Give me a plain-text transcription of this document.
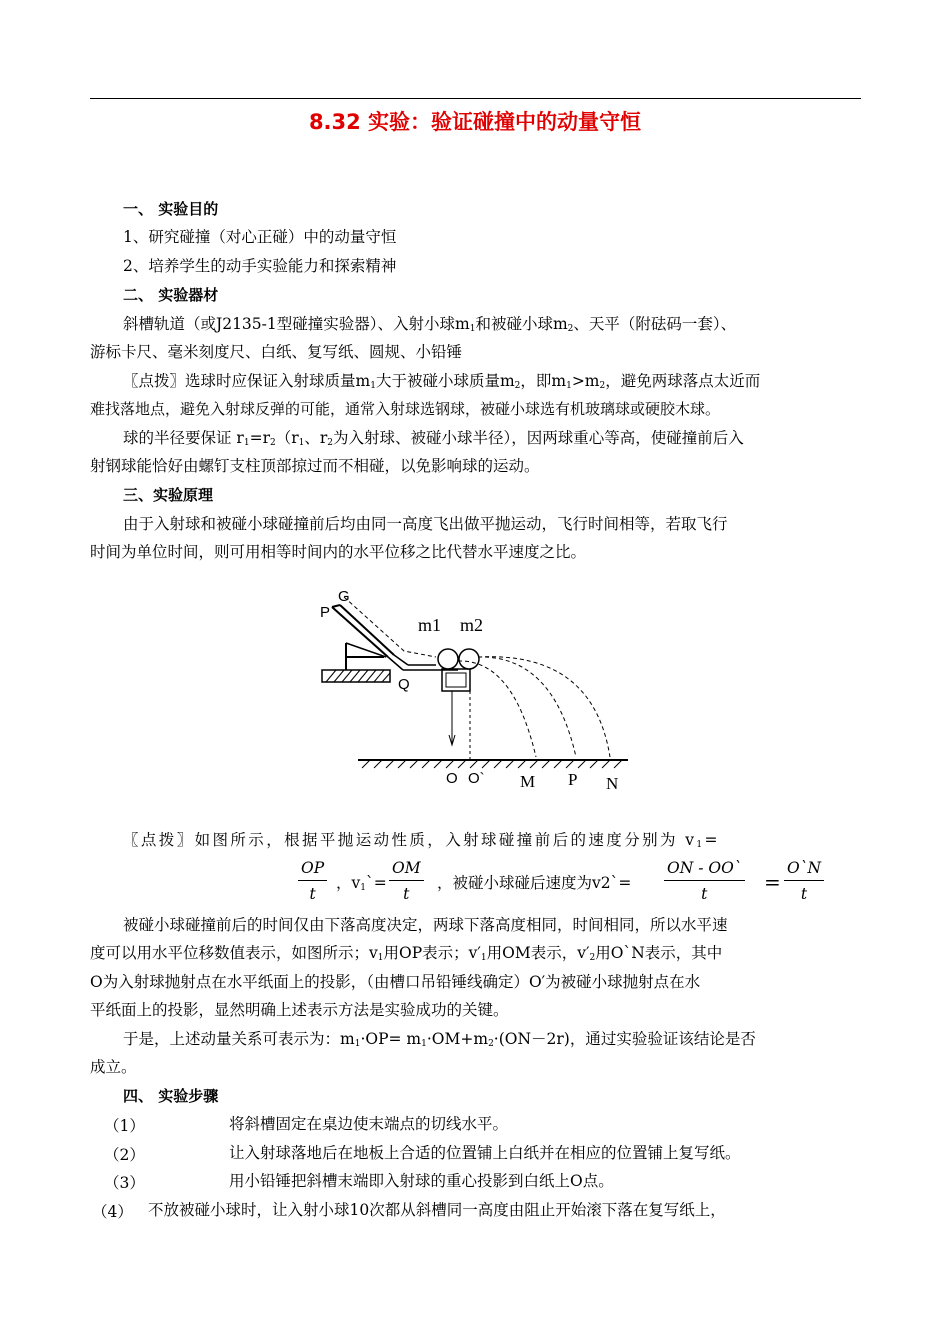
8.32 实验：验证碰撞中的动量守恒
一、 实验目的
1、研究碰撞（对心正碰）中的动量守恒
2、培养学生的动手实验能力和探索精神
二、 实验器材
斜槽轨道（或J2135-1型碰撞实验器）、入射小球$m_1$和被碰小球$m_2$、天平（附砝码一套）、
游标卡尺、毫米刻度尺、白纸、复写纸、圆规、小铅锤
〖点拨〗选球时应保证入射球质量$m_1$大于被碰小球质量$m_2$，即$m_1>m_2$，避免两球落点太近而
难找落地点，避免入射球反弹的可能，通常入射球选钢球，被碰小球选有机玻璃球或硬胶木球。
球的半径要保证 $r_1=r_2(r_1$、$r_2$为入射球、被碰小球半径），因两球重心等高，使碰撞前后入
射钢球能恰好由螺钉支柱顶部掠过而不相碰，以免影响球的运动。
三、实验原理
由于入射球和被碰小球碰撞前后均由同一高度飞出做平抛运动，飞行时间相等，若取飞行
时间为单位时间，则可用相等时间内的水平位移之比代替水平速度之比。
G
P
Q
m1 m2
O O` M P N
〖点拨〗如图所示，根据平抛运动性质，入射球碰撞前后的速度分别为 $v_1=$
$\frac{OP}{t}$ ，$v_1`= \frac{OM}{t}$ ，被碰小球碰后速度为v2`= $\frac{ON - OO`}{t} = \frac{O`N}{t}$
被碰小球碰撞前后的时间仅由下落高度决定，两球下落高度相同，时间相同，所以水平速
度可以用水平位移数值表示，如图所示；$v_1$用OP表示；$v'_1$用OM表示，$v'_2$用O`N表示，其中
O为入射球抛射点在水平纸面上的投影，（由槽口吊铅锤线确定）O′为被碰小球抛射点在水
平纸面上的投影，显然明确上述表示方法是实验成功的关键。
于是，上述动量关系可表示为：$m_1\cdot OP= m_1\cdot OM+m_2\cdot(ON-2r)$，通过实验验证该结论是否
成立。
四、 实验步骤
（1）	将斜槽固定在桌边使末端点的切线水平。
（2）	让入射球落地后在地板上合适的位置铺上白纸并在相应的位置铺上复写纸。
（3）	用小铅锤把斜槽末端即入射球的重心投影到白纸上O点。
（4） 不放被碰小球时，让入射小球10次都从斜槽同一高度由阻止开始滚下落在复写纸上，
